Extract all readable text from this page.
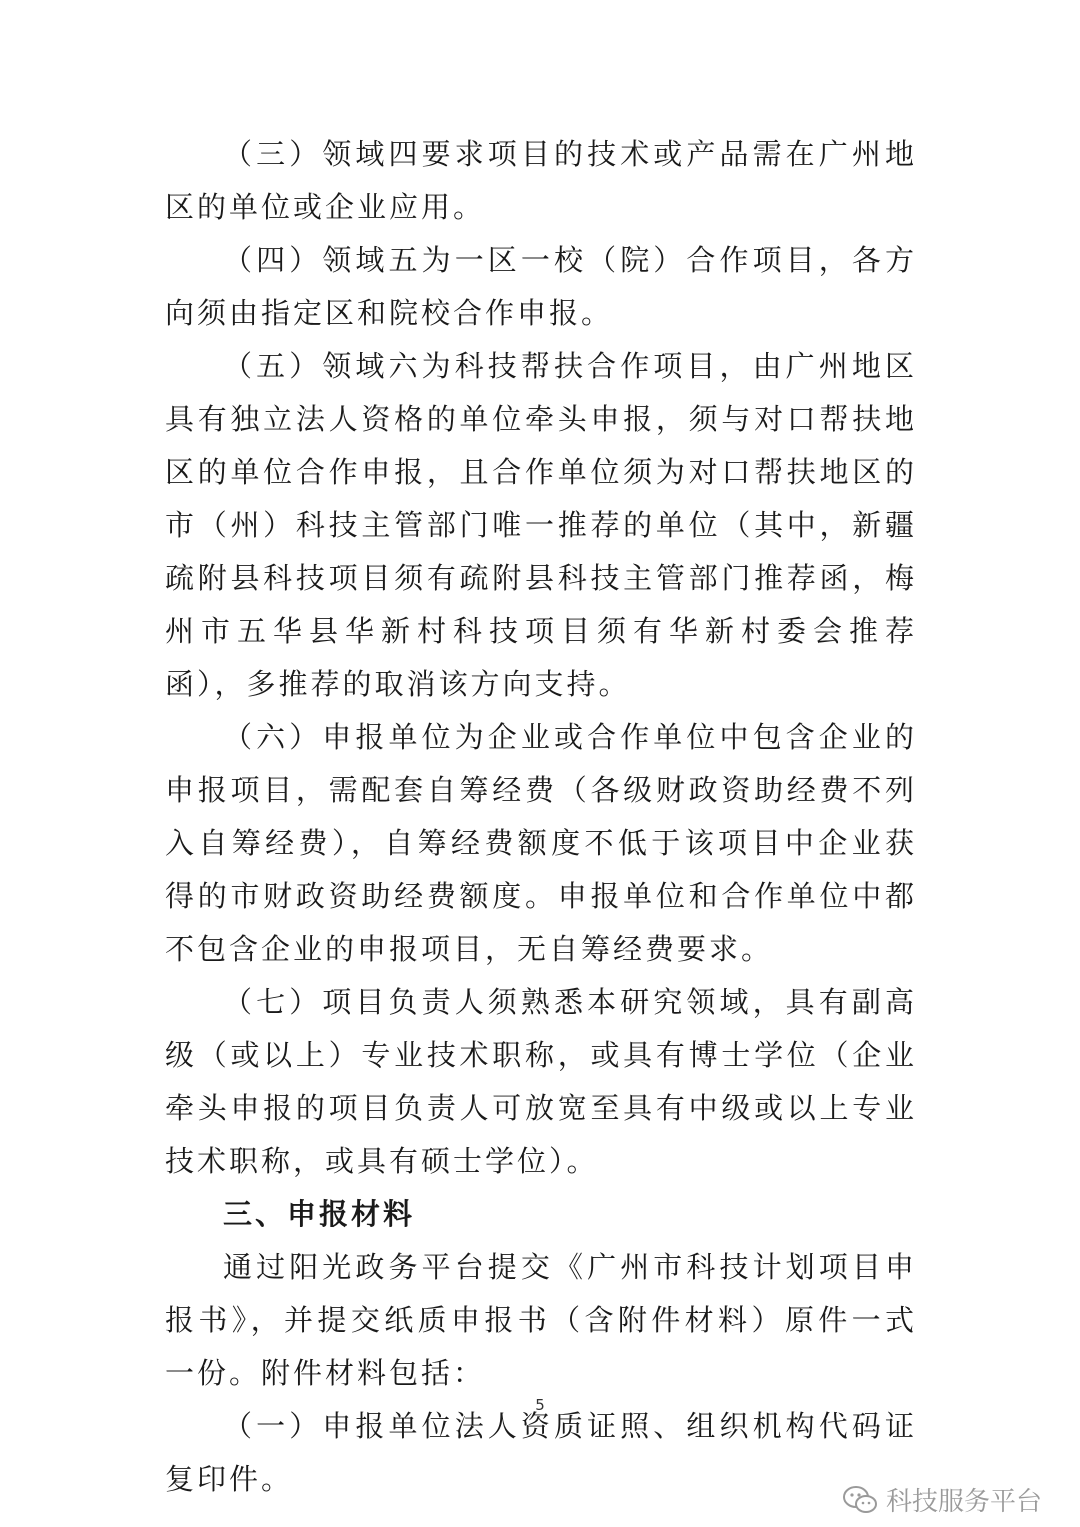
（三）领域四要求项目的技术或产品需在广州地区的单位或企业应用。

（四）领域五为一区一校（院）合作项目，各方向须由指定区和院校合作申报。

（五）领域六为科技帮扶合作项目，由广州地区具有独立法人资格的单位牵头申报，须与对口帮扶地区的单位合作申报，且合作单位须为对口帮扶地区的市（州）科技主管部门唯一推荐的单位（其中，新疆疏附县科技项目须有疏附县科技主管部门推荐函，梅州市五华县华新村科技项目须有华新村委会推荐函），多推荐的取消该方向支持。

（六）申报单位为企业或合作单位中包含企业的申报项目，需配套自筹经费（各级财政资助经费不列入自筹经费），自筹经费额度不低于该项目中企业获得的市财政资助经费额度。申报单位和合作单位中都不包含企业的申报项目，无自筹经费要求。

（七）项目负责人须熟悉本研究领域，具有副高级（或以上）专业技术职称，或具有博士学位（企业牵头申报的项目负责人可放宽至具有中级或以上专业技术职称，或具有硕士学位）。

三、申报材料

通过阳光政务平台提交《广州市科技计划项目申报书》，并提交纸质申报书（含附件材料）原件一式一份。附件材料包括：

（一）申报单位法人资质证照、组织机构代码证复印件。

5
科技服务平台
